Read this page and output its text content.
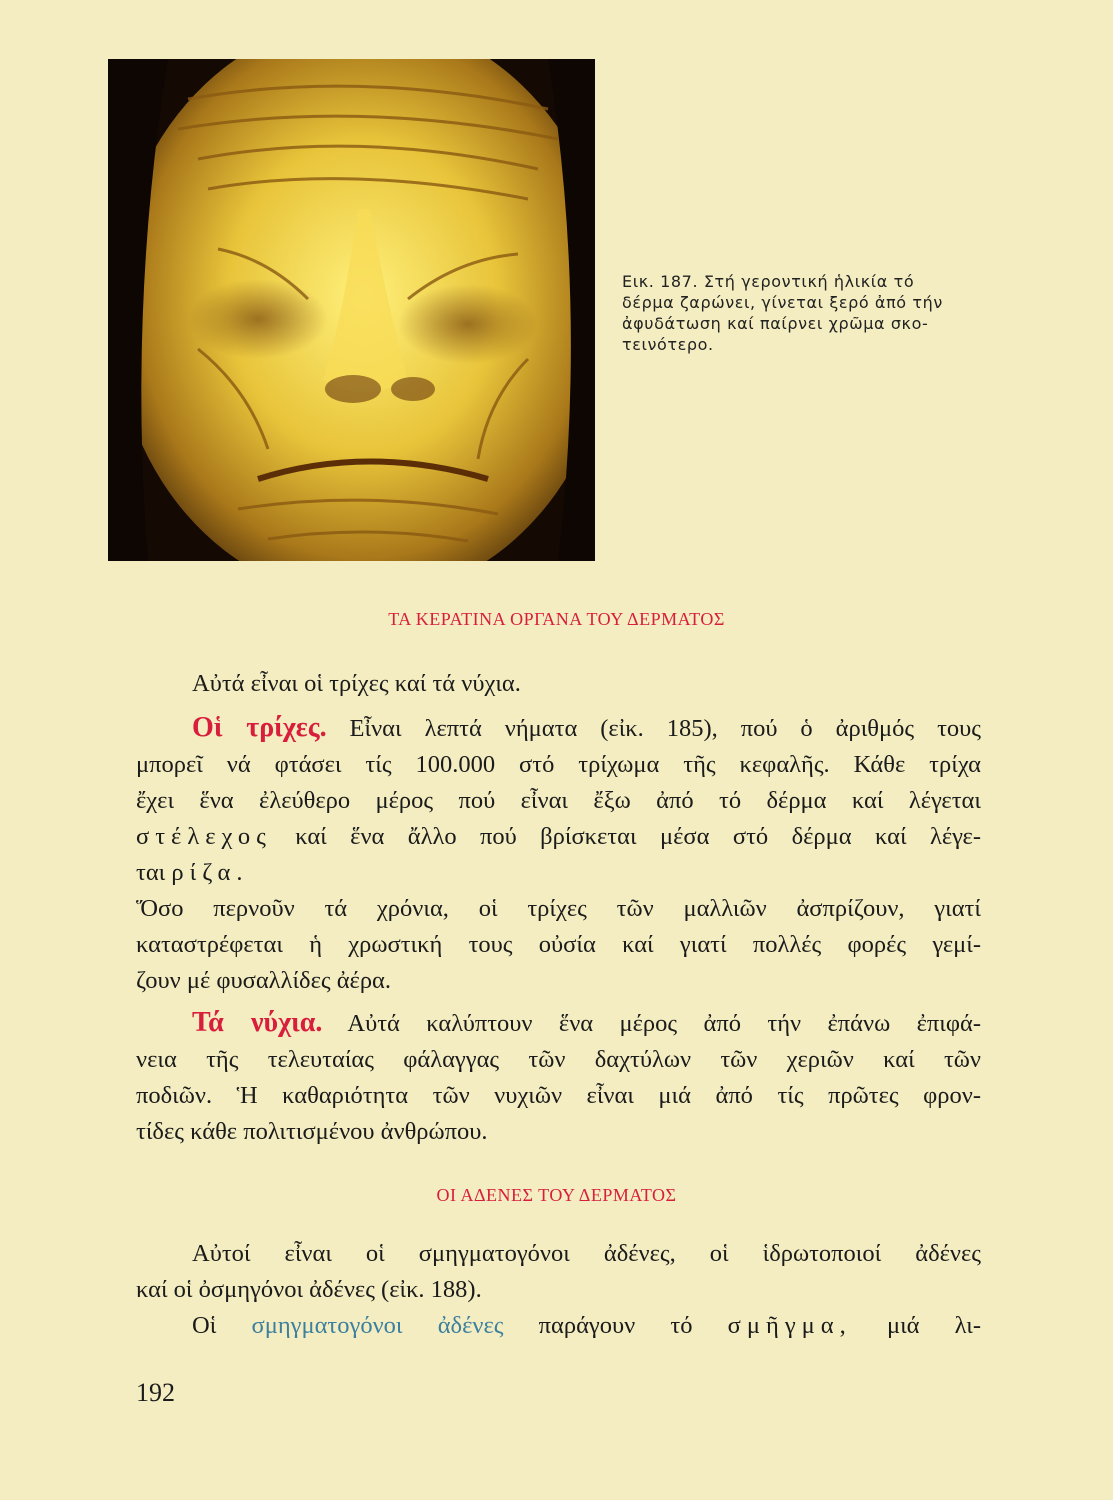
Εικ. 187. Στή γεροντική ἡλικία τό
δέρμα ζαρώνει, γίνεται ξερό ἀπό τήν
ἀφυδάτωση καί παίρνει χρῶμα σκο-
τεινότερο.
ΤΑ ΚΕΡΑΤΙΝΑ ΟΡΓΑΝΑ ΤΟΥ ΔΕΡΜΑΤΟΣ

Αὐτά εἶναι οἱ τρίχες καί τά νύχια.

Οἱ τρίχες. Εἶναι λεπτά νήματα (εἰκ. 185), πού ὁ ἀριθμός τους
μπορεῖ νά φτάσει τίς 100.000 στό τρίχωμα τῆς κεφαλῆς. Κάθε τρίχα
ἔχει ἕνα ἐλεύθερο μέρος πού εἶναι ἔξω ἀπό τό δέρμα καί λέγεται
στέλεχος καί ἕνα ἄλλο πού βρίσκεται μέσα στό δέρμα καί λέγε-
ται ρίζα.
Ὅσο περνοῦν τά χρόνια, οἱ τρίχες τῶν μαλλιῶν ἀσπρίζουν, γιατί
καταστρέφεται ἡ χρωστική τους οὐσία καί γιατί πολλές φορές γεμί-
ζουν μέ φυσαλλίδες ἀέρα.
Τά νύχια. Αὐτά καλύπτουν ἕνα μέρος ἀπό τήν ἐπάνω ἐπιφά-
νεια τῆς τελευταίας φάλαγγας τῶν δαχτύλων τῶν χεριῶν καί τῶν
ποδιῶν. Ἡ καθαριότητα τῶν νυχιῶν εἶναι μιά ἀπό τίς πρῶτες φρον-
τίδες κάθε πολιτισμένου ἀνθρώπου.
ΟΙ ΑΔΕΝΕΣ ΤΟΥ ΔΕΡΜΑΤΟΣ
Αὐτοί εἶναι οἱ σμηγματογόνοι ἀδένες, οἱ ἱδρωτοποιοί ἀδένες
καί οἱ ὀσμηγόνοι ἀδένες (εἰκ. 188).
Οἱ σμηγματογόνοι ἀδένες παράγουν τό σμῆγμα, μιά λι-
192
